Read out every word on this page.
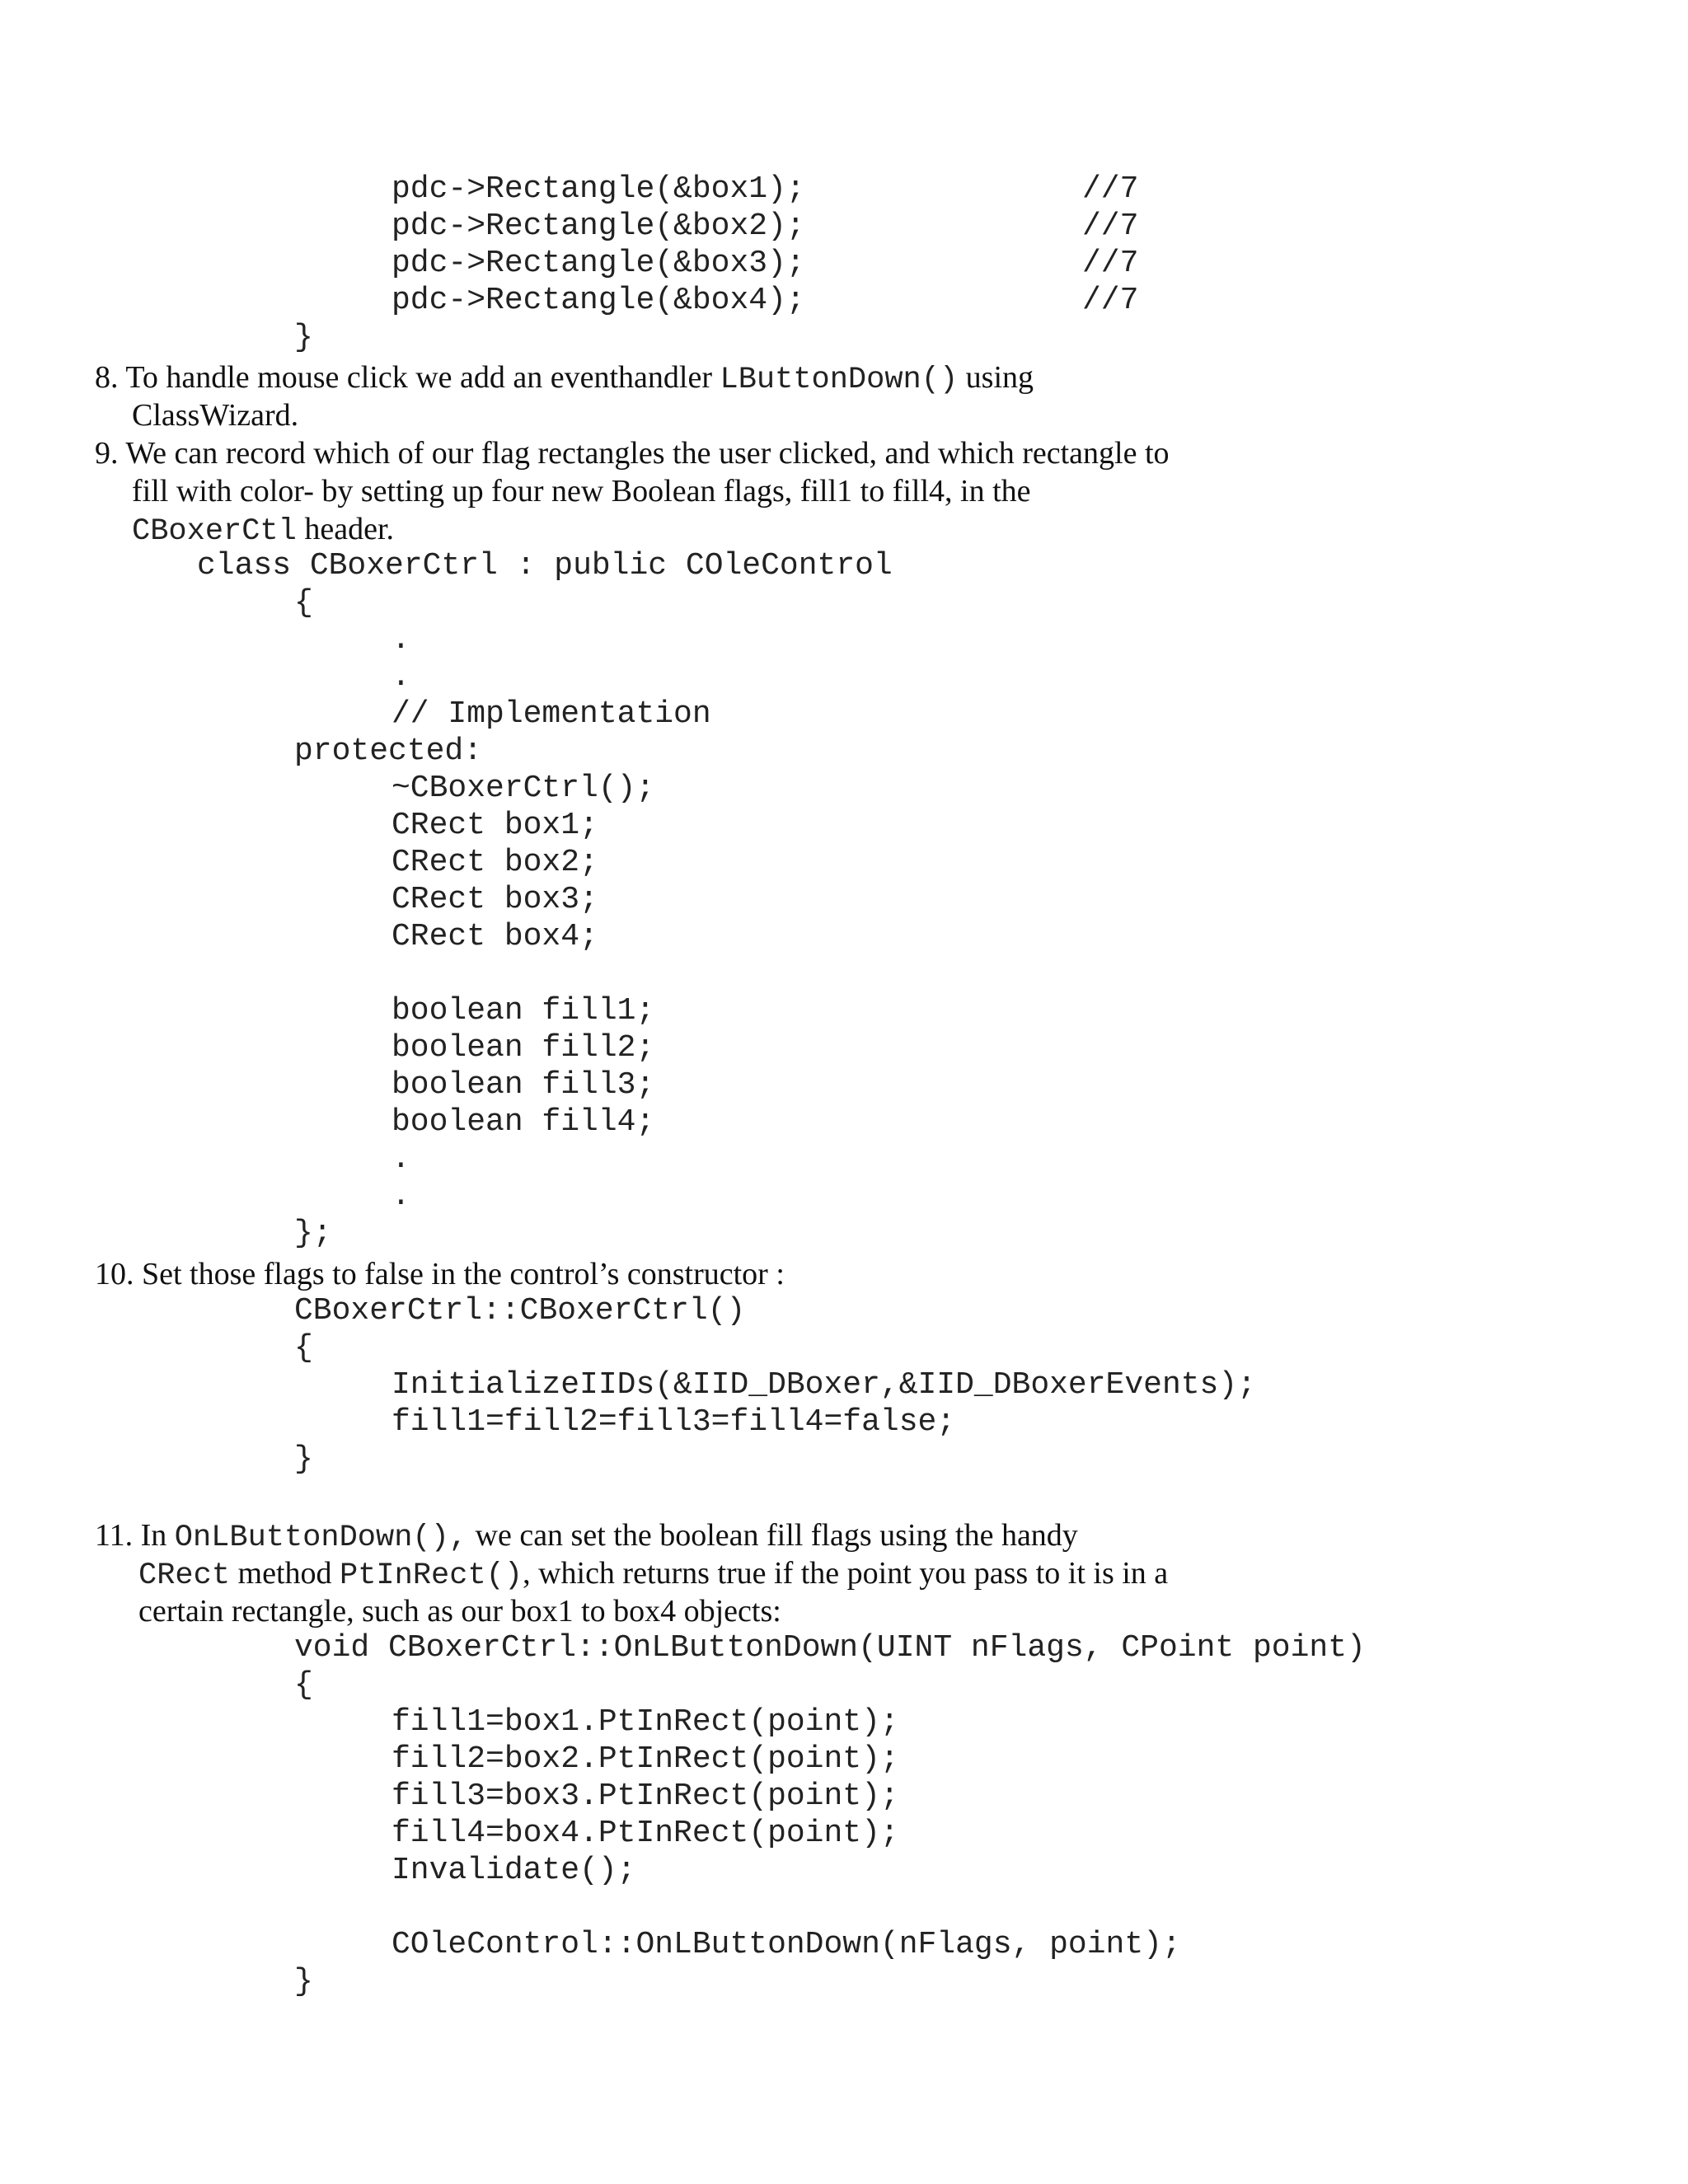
pdc->Rectangle(&box1);	//7
pdc->Rectangle(&box2);	//7
pdc->Rectangle(&box3);	//7
pdc->Rectangle(&box4);	//7
}
8. To handle mouse click we add an eventhandler LButtonDown() using
ClassWizard.
9. We can record which of our flag rectangles the user clicked, and which rectangle to
fill with color- by setting up four new Boolean flags, fill1 to fill4, in the
CBoxerCtl header.
class CBoxerCtrl : public COleControl
{
.
.
// Implementation
protected:
~CBoxerCtrl();
CRect box1;
CRect box2;
CRect box3;
CRect box4;
boolean fill1;
boolean fill2;
boolean fill3;
boolean fill4;
.
.
};
10. Set those flags to false in the control’s constructor :
CBoxerCtrl::CBoxerCtrl()
{
InitializeIIDs(&IID_DBoxer,&IID_DBoxerEvents);
fill1=fill2=fill3=fill4=false;
}
11. In OnLButtonDown(), we can set the boolean fill flags using the handy
CRect method PtInRect(), which returns true if the point you pass to it is in a
certain rectangle, such as our box1 to box4 objects:
void CBoxerCtrl::OnLButtonDown(UINT nFlags, CPoint point)
{
fill1=box1.PtInRect(point);
fill2=box2.PtInRect(point);
fill3=box3.PtInRect(point);
fill4=box4.PtInRect(point);
Invalidate();
COleControl::OnLButtonDown(nFlags, point);
}
